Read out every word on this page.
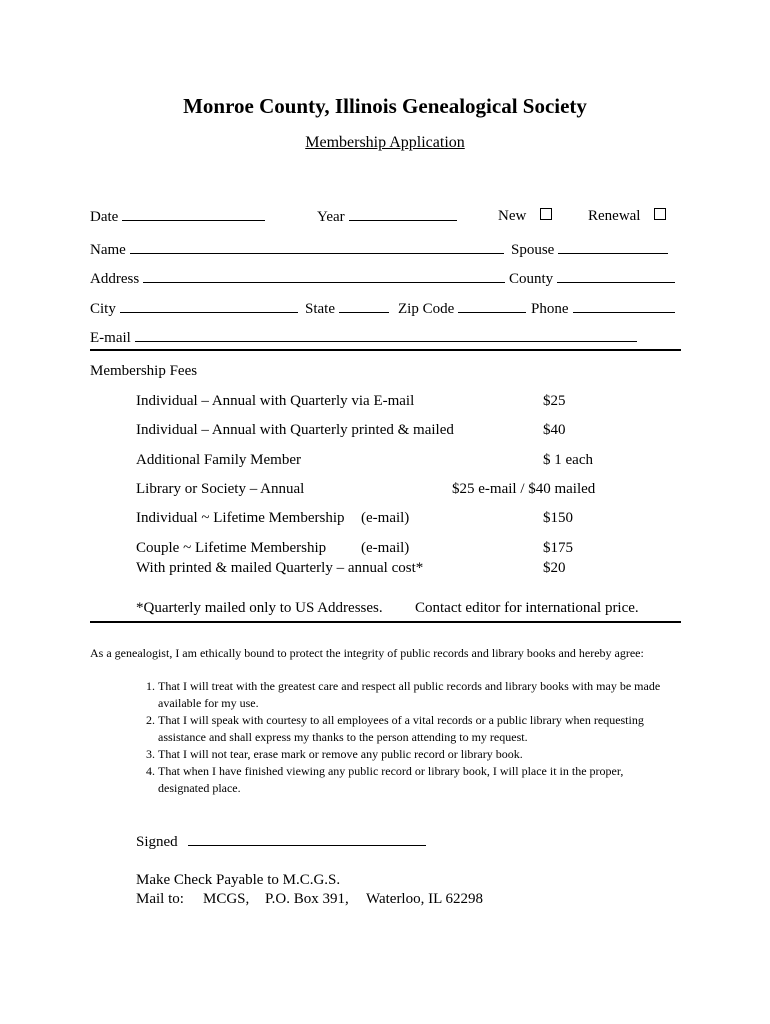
Monroe County, Illinois Genealogical Society
Membership Application
Date	Year	New	Renewal
Name	Spouse
Address	County
City	State	Zip Code	Phone
E-mail
Membership Fees
Individual – Annual with Quarterly via E-mail	$25
Individual – Annual with Quarterly printed & mailed	$40
Additional Family Member	$ 1 each
Library or Society – Annual	$25 e-mail / $40 mailed
Individual ~ Lifetime Membership (e-mail)	$150
Couple ~ Lifetime Membership (e-mail)	$175
With printed & mailed Quarterly – annual cost*	$20
*Quarterly mailed only to US Addresses. Contact editor for international price.
As a genealogist, I am ethically bound to protect the integrity of public records and library books and hereby agree:
1. That I will treat with the greatest care and respect all public records and library books with may be made available for my use.
2. That I will speak with courtesy to all employees of a vital records or a public library when requesting assistance and shall express my thanks to the person attending to my request.
3. That I will not tear, erase mark or remove any public record or library book.
4. That when I have finished viewing any public record or library book, I will place it in the proper, designated place.
Signed
Make Check Payable to M.C.G.S.
Mail to: MCGS, P.O. Box 391, Waterloo, IL 62298
